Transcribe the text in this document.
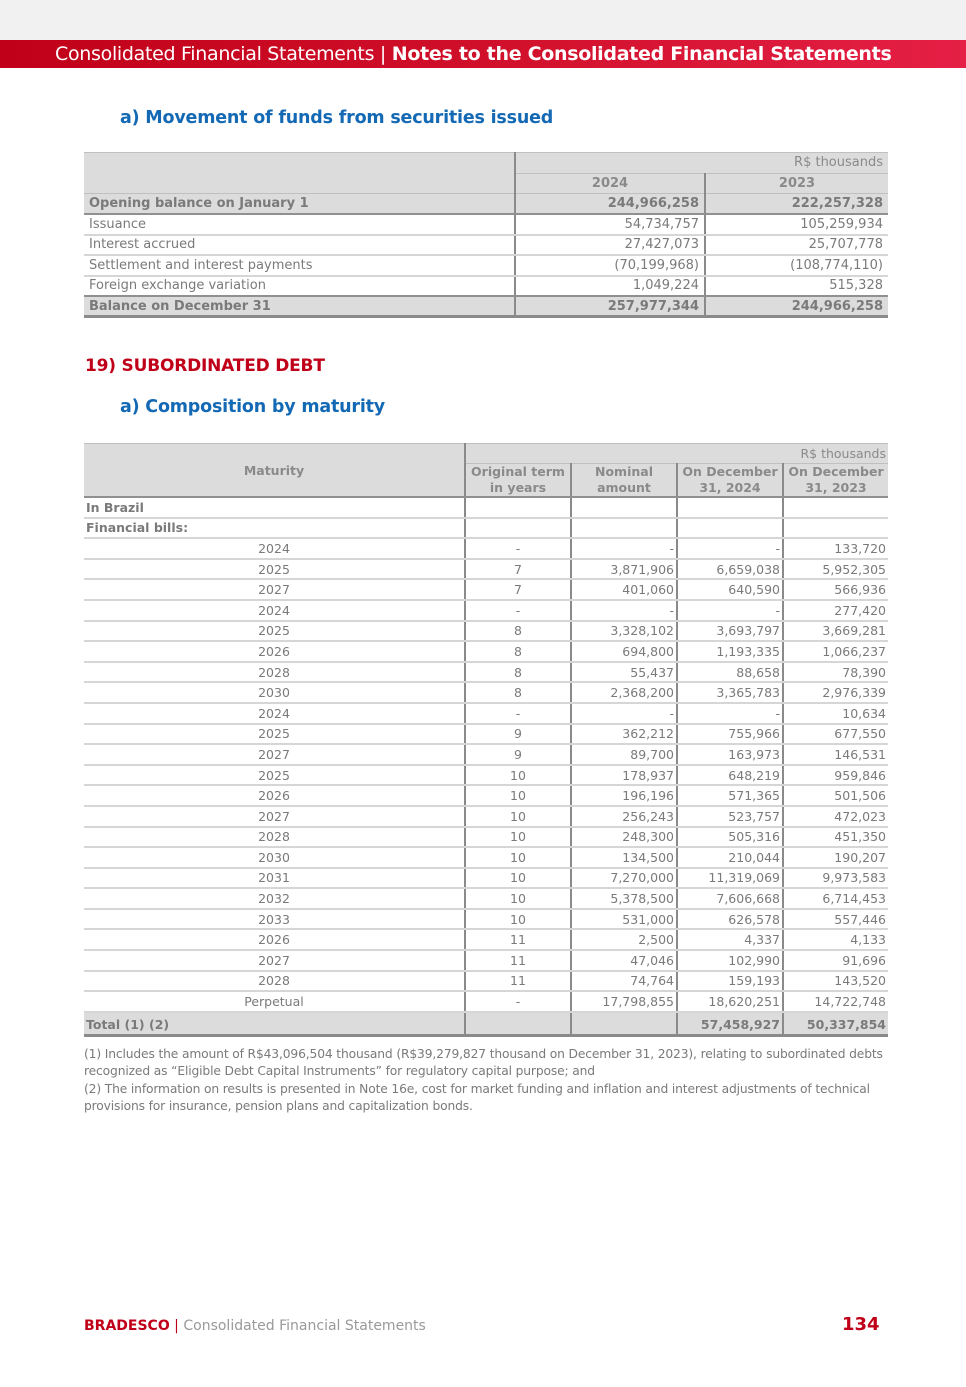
Consolidated Financial Statements | Notes to the Consolidated Financial Statements
a) Movement of funds from securities issued
	R$ thousands	
	2024	2023
Opening balance on January 1	244,966,258	222,257,328
Issuance	54,734,757	105,259,934
Interest accrued	27,427,073	25,707,778
Settlement and interest payments	(70,199,968)	(108,774,110)
Foreign exchange variation	1,049,224	515,328
Balance on December 31	257,977,344	244,966,258
19) SUBORDINATED DEBT
a) Composition by maturity
Maturity	R$ thousands			
	Original term in years	Nominal amount	On December 31, 2024	On December 31, 2023
In Brazil				
Financial bills:				
2024	-	-	-	133,720
2025	7	3,871,906	6,659,038	5,952,305
2027	7	401,060	640,590	566,936
2024	-	-	-	277,420
2025	8	3,328,102	3,693,797	3,669,281
2026	8	694,800	1,193,335	1,066,237
2028	8	55,437	88,658	78,390
2030	8	2,368,200	3,365,783	2,976,339
2024	-	-	-	10,634
2025	9	362,212	755,966	677,550
2027	9	89,700	163,973	146,531
2025	10	178,937	648,219	959,846
2026	10	196,196	571,365	501,506
2027	10	256,243	523,757	472,023
2028	10	248,300	505,316	451,350
2030	10	134,500	210,044	190,207
2031	10	7,270,000	11,319,069	9,973,583
2032	10	5,378,500	7,606,668	6,714,453
2033	10	531,000	626,578	557,446
2026	11	2,500	4,337	4,133
2027	11	47,046	102,990	91,696
2028	11	74,764	159,193	143,520
Perpetual	-	17,798,855	18,620,251	14,722,748
Total (1) (2)			57,458,927	50,337,854
(1) Includes the amount of R$43,096,504 thousand (R$39,279,827 thousand on December 31, 2023), relating to subordinated debts recognized as “Eligible Debt Capital Instruments” for regulatory capital purpose; and
(2) The information on results is presented in Note 16e, cost for market funding and inflation and interest adjustments of technical provisions for insurance, pension plans and capitalization bonds.
BRADESCO | Consolidated Financial Statements	134
